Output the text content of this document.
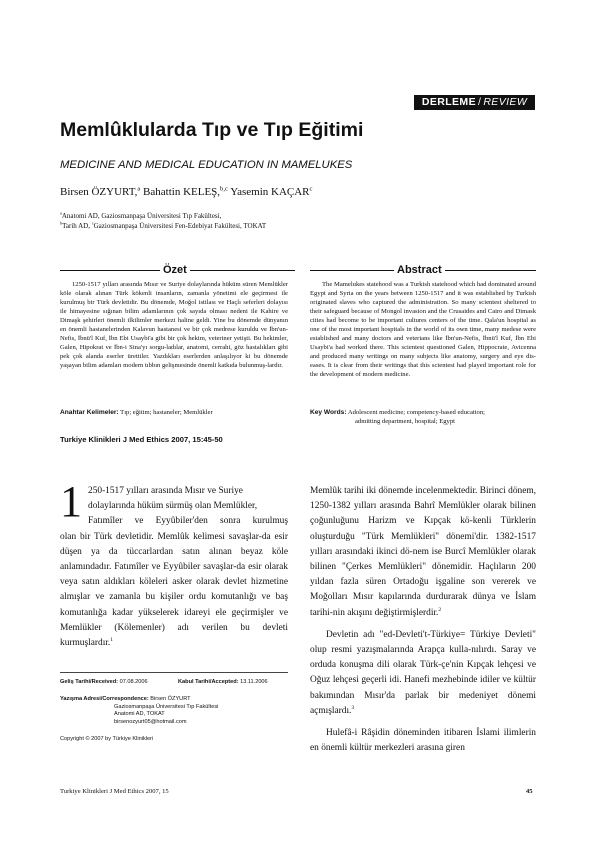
DERLEME / REVIEW
Memlûklularda Tıp ve Tıp Eğitimi
MEDICINE AND MEDICAL EDUCATION IN MAMELUKES
Birsen ÖZYURT,$^a$ Bahattin KELEŞ,$^{b,c}$ Yasemin KAÇAR$^c$
$^a$Anatomi AD, Gaziosmanpaşa Üniversitesi Tıp Fakültesi,
$^b$Tarih AD, $^c$Gaziosmanpaşa Üniversitesi Fen-Edebiyat Fakültesi, TOKAT
Özet	Abstract
1250-1517 yılları arasında Mısır ve Suriye dolaylarında hüküm süren Memlükler köle olarak alınan Türk kökenli insanların, zamanla yönetimi ele geçirmesi ile kurulmuş bir Türk devletidir. Bu dönemde, Moğol istilası ve Haçlı seferleri dolayısı ile himayesine sığınan bilim adamlarının çok sayıda olması nedeni ile Kahire ve Dimaşk şehirleri önemli ilkilimler merkezi haline geldi. Yine bu dönemde dünyanın en önemli hastanelerinden Kalavun hastanesi ve bir çok medrese kuruldu ve İbn'un-Nefis, İbnü'l Kuf, İbn Ebi Usaybi'a gibi bir çok hekim, veteriner yetişti. Bu hekimler, Galen, Hipokrat ve İbn-i Sina'yı sorgu-ladılar, anatomi, cerrahi, göz hastalıkları gibi pek çok alanda eserler ürettiler. Yazdıkları eserlerden anlaşılıyor ki bu dönemde yaşayan bilim adamları modern tıbbın gelişmesinde önemli katkıda bulunmuş-lardır.
The Mamelukes statehood was a Turkish statehood which had dominated around Egypt and Syria on the years between 1250-1517 and it was established by Turkish originated slaves who captured the administration. So many scientest sheltered to their safeguard because of Mongol invasion and the Crusaides and Cairo and Dimask cities had become to be important cultures centers of the time. Qala'un hospital as one of the most important hospitals in the world of its own time, many medese were established and many doctors and veterians like İbn'un-Nefis, İbnü'l Kuf, İbn Ebi Usaybi'a had worked there. This scientest questioned Galen, Hippocrate, Avicenna and produced many writings on many subjects like anatomy, surgery and eye dis-eases. It is clear from their writings that this scientest had played important role for the development of modern medicine.
Anahtar Kelimeler: Tıp; eğitim; hastaneler; Memlükler	Key Words: Adolescent medicine; competency-based education;
admitting department, hospital; Egypt
Turkiye Klinikleri J Med Ethics 2007, 15:45-50
1 250-1517 yılları arasında Mısır ve Suriye
dolaylarında hüküm sürmüş olan Memlükler,
Fatımîler ve Eyyûbiler'den sonra kurulmuş
olan bir Türk devletidir. Memlûk kelimesi savaşlar-da esir düşen ya da tüccarlardan satın alınan beyaz köle anlamındadır. Fatımîler ve Eyyûbiler savaşlar-da esir olarak veya satın aldıkları köleleri asker olarak devlet hizmetine almışlar ve zamanla bu kişiler ordu komutanlığı ve baş komutanlığa kadar yükselerek idareyi ele geçirmişler ve Memlükler (Kölemenler) adı verilen bu devleti kurmuşlardır.$^1$
Geliş Tarihi/Received: 07.08.2006	Kabul Tarihi/Accepted: 13.11.2006
Yazışma Adresi/Correspondence: Birsen ÖZYURT
Gaziosmanpaşa Üniversitesi Tıp Fakültesi
Anatomi AD, TOKAT
birsenozyurt05@hotmail.com
Copyright © 2007 by Türkiye Klinikleri

Memlûk tarihi iki dönemde incelenmektedir. Birinci dönem, 1250-1382 yılları arasında Bahrî Memlükler olarak bilinen çoğunluğunu Harizm ve Kıpçak kö-kenli Türklerin oluşturduğu "Türk Memlükleri" dönemi'dir. 1382-1517 yılları arasındaki ikinci dö-nem ise Burcî Memlükler olarak bilinen "Çerkes Memlükleri" dönemidir. Haçlıların 200 yıldan fazla süren Ortadoğu işgaline son vererek ve Moğolları Mısır kapılarında durdurarak dünya ve İslam tarihi-nin akışını değiştirmişlerdir.$^2$

Devletin adı "ed-Devleti't-Türkiye= Türkiye Devleti" olup resmi yazışmalarında Arapça kulla-nılırdı. Saray ve orduda konuşma dili olarak Türk-çe'nin Kıpçak lehçesi ve Oğuz lehçesi geçerli idi. Hanefi mezhebinde idiler ve kültür bakımından Mısır'da parlak bir medeniyet dönemi açmışlardı.$^3$

Hulefâ-i Râşidin döneminden itibaren İslami ilimlerin en önemli kültür merkezleri arasına giren

Turkiye Klinikleri J Med Ethics 2007, 15	45
